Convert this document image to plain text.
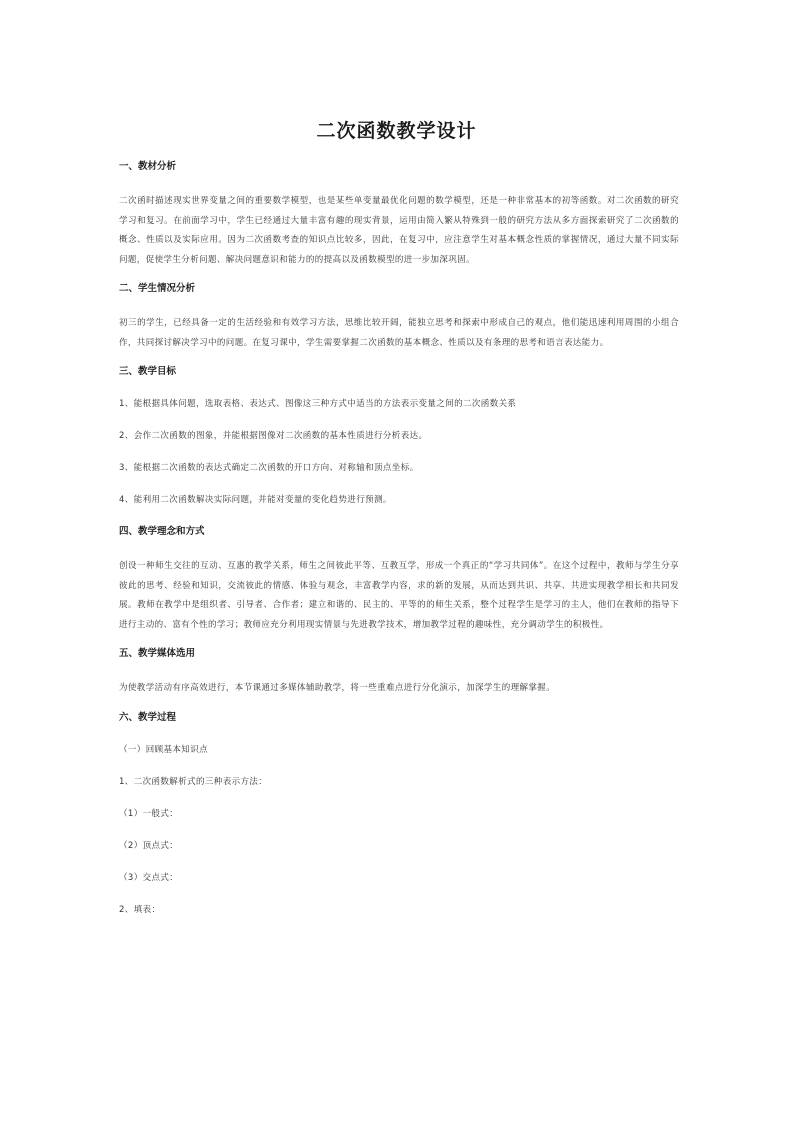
二次函数教学设计
一、教材分析
二次函时描述现实世界变量之间的重要数学模型，也是某些单变量最优化问题的数学模型，还是一种非常基本的初等函数。对二次函数的研究学习和复习。在前面学习中，学生已经通过大量丰富有趣的现实背景，运用由简入繁从特殊到一般的研究方法从多方面探索研究了二次函数的概念、性质以及实际应用。因为二次函数考查的知识点比较多，因此，在复习中，应注意学生对基本概念性质的掌握情况，通过大量不同实际问题，促使学生分析问题、解决问题意识和能力的的提高以及函数模型的进一步加深巩固。
二、学生情况分析
初三的学生，已经具备一定的生活经验和有效学习方法，思维比较开阔，能独立思考和探索中形成自己的观点，他们能迅速利用周围的小组合作，共同探讨解决学习中的问题。在复习课中，学生需要掌握二次函数的基本概念、性质以及有条理的思考和语言表达能力。
三、教学目标
1、能根据具体问题，选取表格、表达式、图像这三种方式中适当的方法表示变量之间的二次函数关系
2、会作二次函数的图象，并能根据图像对二次函数的基本性质进行分析表达。
3、能根据二次函数的表达式确定二次函数的开口方向、对称轴和顶点坐标。
4、能利用二次函数解决实际问题，并能对变量的变化趋势进行预测。
四、教学理念和方式
创设一种师生交往的互动、互惠的教学关系，师生之间彼此平等、互教互学，形成一个真正的“学习共同体”。在这个过程中，教师与学生分享彼此的思考、经验和知识，交流彼此的情感、体验与观念，丰富教学内容，求的新的发展，从而达到共识、共享、共进实现教学相长和共同发展。教师在教学中是组织者、引导者、合作者；建立和谐的、民主的、平等的的师生关系，整个过程学生是学习的主人，他们在教师的指导下进行主动的、富有个性的学习；教师应充分利用现实情景与先进教学技术，增加教学过程的趣味性，充分调动学生的积极性。
五、教学媒体选用
为使教学活动有序高效进行，本节课通过多媒体辅助教学，将一些重难点进行分化演示，加深学生的理解掌握。
六、教学过程
（一）回顾基本知识点
1、二次函数解析式的三种表示方法：
（1）一般式：
（2）顶点式：
（3）交点式：
2、填表：
